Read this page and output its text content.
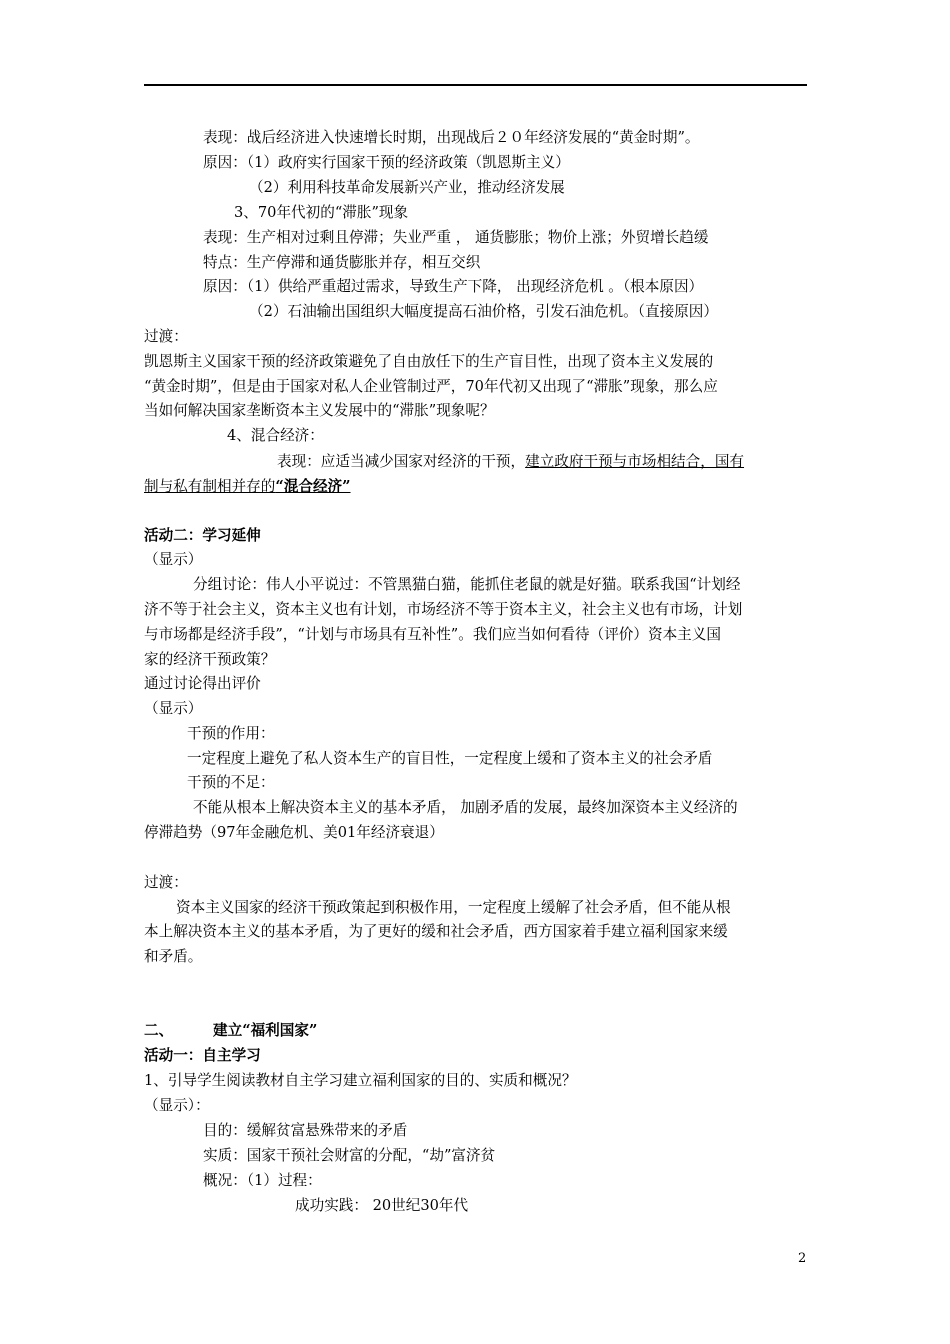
表现：战后经济进入快速增长时期，出现战后２０年经济发展的“黄金时期”。
原因：（1）政府实行国家干预的经济政策（凯恩斯主义）
（2）利用科技革命发展新兴产业，推动经济发展
3、70年代初的“滞胀”现象
表现：生产相对过剩且停滞；失业严重 ， 通货膨胀；物价上涨；外贸增长趋缓
特点：生产停滞和通货膨胀并存，相互交织
原因：（1）供给严重超过需求，导致生产下降， 出现经济危机 。（根本原因）
（2）石油输出国组织大幅度提高石油价格，引发石油危机。（直接原因）
过渡：
凯恩斯主义国家干预的经济政策避免了自由放任下的生产盲目性，出现了资本主义发展的
“黄金时期”，但是由于国家对私人企业管制过严，70年代初又出现了“滞胀”现象，那么应
当如何解决国家垄断资本主义发展中的“滞胀”现象呢？
4、混合经济：
表现：应适当减少国家对经济的干预，建立政府干预与市场相结合，国有
制与私有制相并存的“混合经济”
活动二：学习延伸
（显示）
分组讨论：伟人小平说过：不管黑猫白猫，能抓住老鼠的就是好猫。联系我国“计划经
济不等于社会主义，资本主义也有计划，市场经济不等于资本主义，社会主义也有市场，计划
与市场都是经济手段”，“计划与市场具有互补性”。我们应当如何看待（评价）资本主义国
家的经济干预政策？
通过讨论得出评价
（显示）
干预的作用：
一定程度上避免了私人资本生产的盲目性，一定程度上缓和了资本主义的社会矛盾
干预的不足：
不能从根本上解决资本主义的基本矛盾， 加剧矛盾的发展，最终加深资本主义经济的
停滞趋势（97年金融危机、美01年经济衰退）
过渡：
资本主义国家的经济干预政策起到积极作用，一定程度上缓解了社会矛盾，但不能从根
本上解决资本主义的基本矛盾，为了更好的缓和社会矛盾，西方国家着手建立福利国家来缓
和矛盾。
二、	建立“福利国家”
活动一：自主学习
1、引导学生阅读教材自主学习建立福利国家的目的、实质和概况？
（显示）：
目的：缓解贫富悬殊带来的矛盾
实质：国家干预社会财富的分配，“劫”富济贫
概况：（1）过程：
成功实践： 20世纪30年代
2
